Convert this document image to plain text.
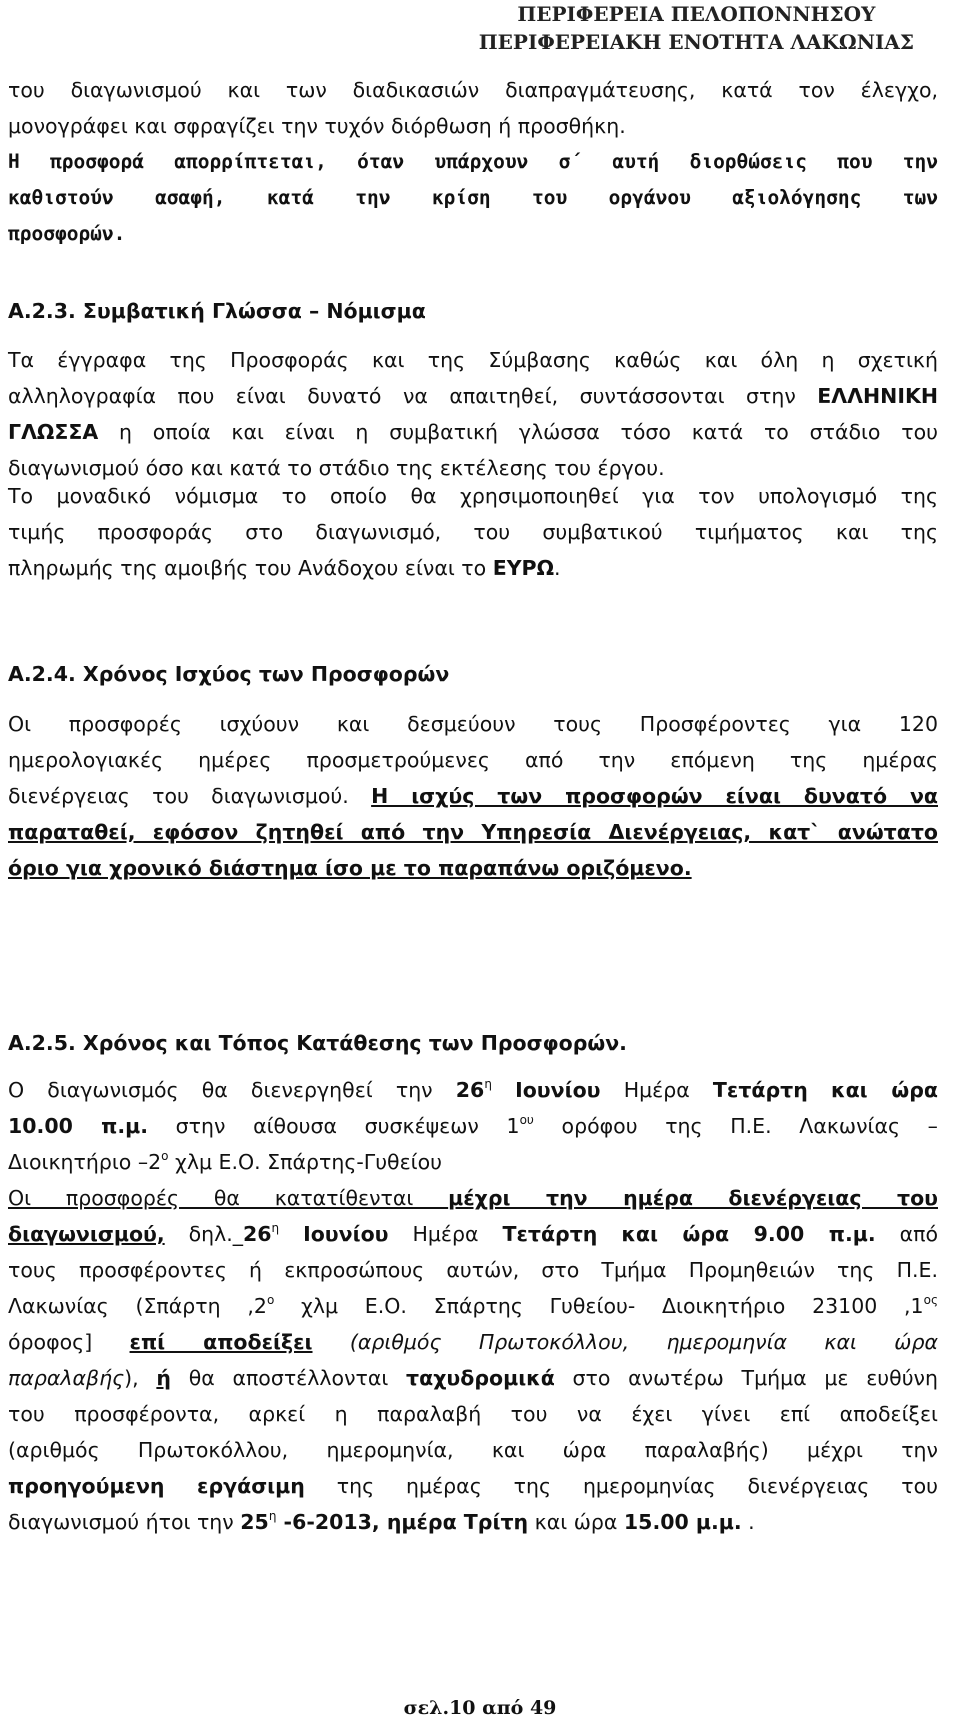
ΠΕΡΙΦΕΡΕΙΑ ΠΕΛΟΠΟΝΝΗΣΟΥ
ΠΕΡΙΦΕΡΕΙΑΚΗ ΕΝΟΤΗΤΑ ΛΑΚΩΝΙΑΣ
του διαγωνισμού και των διαδικασιών διαπραγμάτευσης, κατά τον έλεγχο,
μονογράφει και σφραγίζει την τυχόν διόρθωση ή προσθήκη.
Η προσφορά απορρίπτεται, όταν υπάρχουν σ΄ αυτή διορθώσεις που την
καθιστούν ασαφή, κατά την κρίση του οργάνου αξιολόγησης των
προσφορών.
Α.2.3. Συμβατική Γλώσσα – Νόμισμα
Τα έγγραφα της Προσφοράς και της Σύμβασης καθώς και όλη η σχετική
αλληλογραφία που είναι δυνατό να απαιτηθεί, συντάσσονται στην ΕΛΛΗΝΙΚΗ
ΓΛΩΣΣΑ η οποία και είναι η συμβατική γλώσσα τόσο κατά το στάδιο του
διαγωνισμού όσο και κατά το στάδιο της εκτέλεσης του έργου.
Το μοναδικό νόμισμα το οποίο θα χρησιμοποιηθεί για τον υπολογισμό της
τιμής προσφοράς στο διαγωνισμό, του συμβατικού τιμήματος και της
πληρωμής της αμοιβής του Ανάδοχου είναι το ΕΥΡΩ.
Α.2.4. Χρόνος Ισχύος των Προσφορών
Οι προσφορές ισχύουν και δεσμεύουν τους Προσφέροντες για 120
ημερολογιακές ημέρες προσμετρούμενες από την επόμενη της ημέρας
διενέργειας του διαγωνισμού. Η ισχύς των προσφορών είναι δυνατό να
παραταθεί, εφόσον ζητηθεί από την Υπηρεσία Διενέργειας, κατ` ανώτατο
όριο για χρονικό διάστημα ίσο με το παραπάνω οριζόμενο.
Α.2.5. Χρόνος και Τόπος Κατάθεσης των Προσφορών.
Ο διαγωνισμός θα διενεργηθεί την $26^\eta$ Ιουνίου Ημέρα Τετάρτη και ώρα
10.00 π.μ. στην αίθουσα συσκέψεων $1^{o\upsilon}$ ορόφου της Π.Ε. Λακωνίας –
Διοικητήριο $-2^o$ χλμ Ε.Ο. Σπάρτης-Γυθείου
Οι προσφορές θα κατατίθενται μέχρι την ημέρα διενέργειας του
διαγωνισμού, $\delta\eta\lambda.\_26^\eta$ Ιουνίου Ημέρα Τετάρτη και ώρα 9.00 π.μ. από
τους προσφέροντες ή εκπροσώπους αυτών, στο Τμήμα Προμηθειών της Π.Ε.
Λακωνίας (Σπάρτη $,2^o$ χλμ Ε.Ο. Σπάρτης Γυθείου- Διοικητήριο 23100 $,1^{o\varsigma}$
όροφος] επί αποδείξει (αριθμός Πρωτοκόλλου, ημερομηνία και ώρα
παραλαβής), ή θα αποστέλλονται ταχυδρομικά στο ανωτέρω Τμήμα με ευθύνη
του προσφέροντα, αρκεί η παραλαβή του να έχει γίνει επί αποδείξει
(αριθμός Πρωτοκόλλου, ημερομηνία, και ώρα παραλαβής) μέχρι την
προηγούμενη εργάσιμη της ημέρας της ημερομηνίας διενέργειας του
διαγωνισμού ήτοι την $25^\eta$ -6-2013, ημέρα Τρίτη και ώρα 15.00 μ.μ. .
σελ.10 από 49
